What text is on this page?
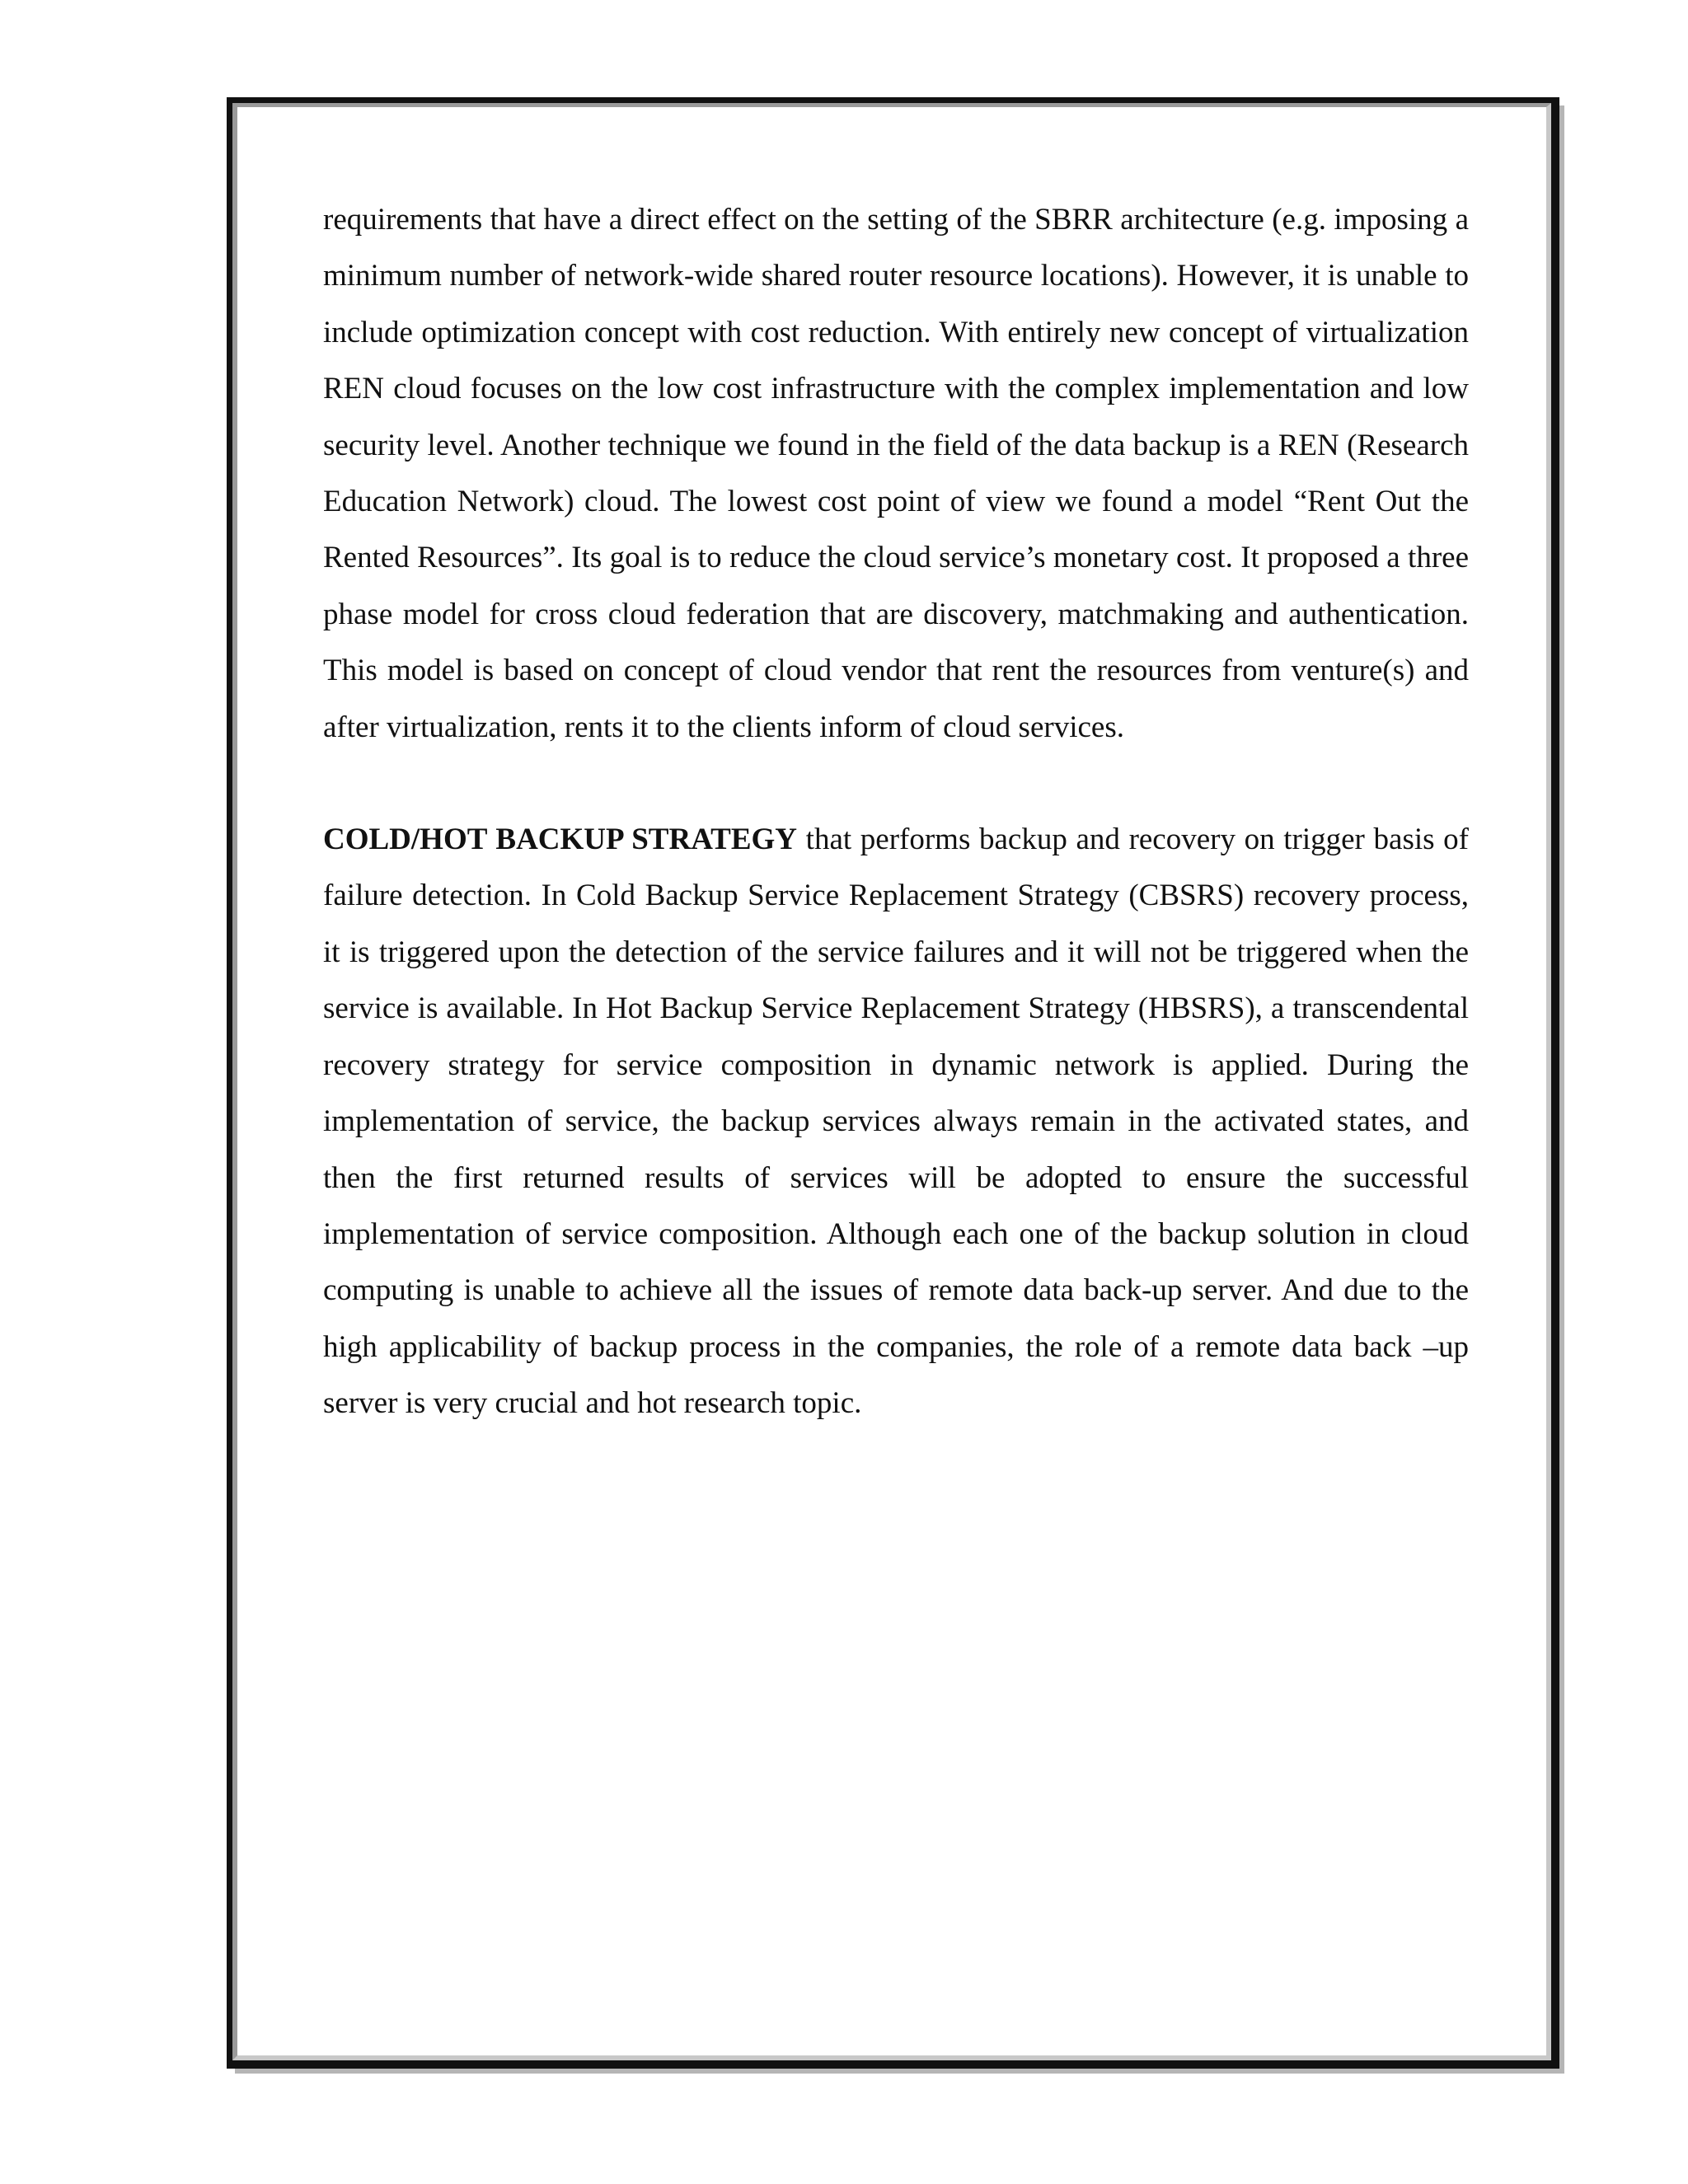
requirements that have a direct effect on the setting of the SBRR architecture (e.g. imposing a minimum number of network-wide shared router resource locations). However, it is unable to include optimization concept with cost reduction. With entirely new concept of virtualization REN cloud focuses on the low cost infrastructure with the complex implementation and low security level. Another technique we found in the field of the data backup is a REN (Research Education Network) cloud. The lowest cost point of view we found a model “Rent Out the Rented Resources”. Its goal is to reduce the cloud service’s monetary cost. It proposed a three phase model for cross cloud federation that are discovery, matchmaking and authentication. This model is based on concept of cloud vendor that rent the resources from venture(s) and after virtualization, rents it to the clients inform of cloud services.

COLD/HOT BACKUP STRATEGY that performs backup and recovery on trigger basis of failure detection. In Cold Backup Service Replacement Strategy (CBSRS) recovery process, it is triggered upon the detection of the service failures and it will not be triggered when the service is available. In Hot Backup Service Replacement Strategy (HBSRS), a transcendental recovery strategy for service composition in dynamic network is applied. During the implementation of service, the backup services always remain in the activated states, and then the first returned results of services will be adopted to ensure the successful implementation of service composition. Although each one of the backup solution in cloud computing is unable to achieve all the issues of remote data back-up server. And due to the high applicability of backup process in the companies, the role of a remote data back –up server is very crucial and hot research topic.
